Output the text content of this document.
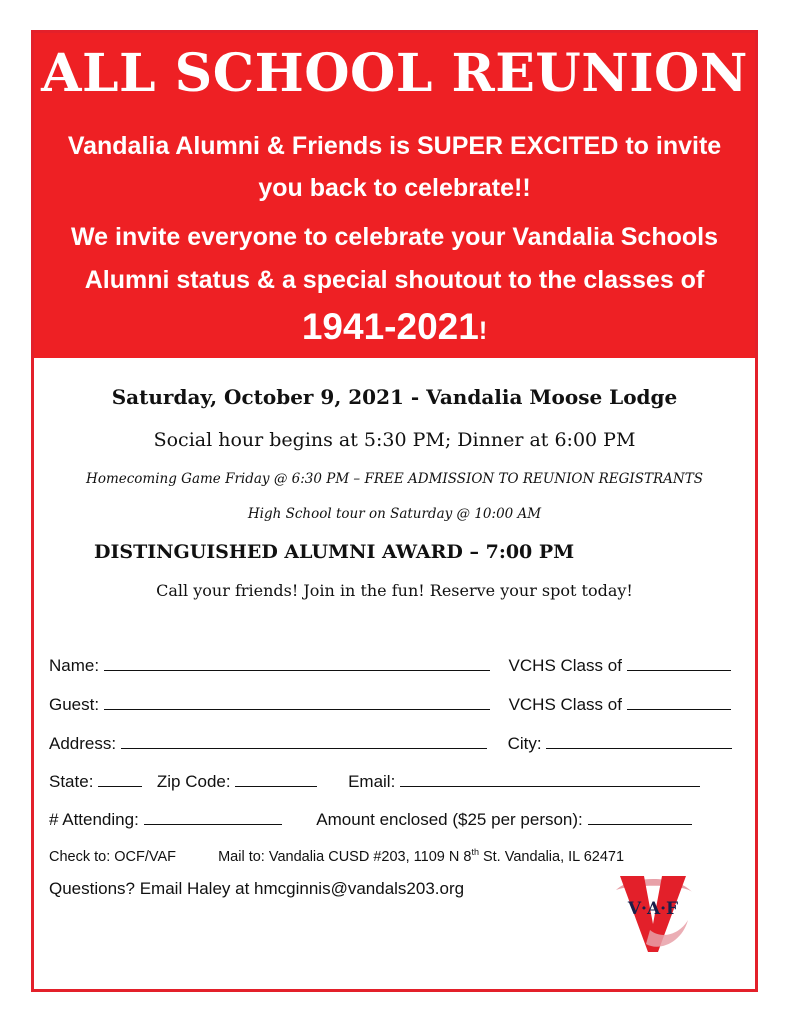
ALL SCHOOL REUNION
Vandalia Alumni & Friends is SUPER EXCITED to invite
you back to celebrate!!
We invite everyone to celebrate your Vandalia Schools
Alumni status & a special shoutout to the classes of
1941-2021!
Saturday, October 9, 2021 - Vandalia Moose Lodge
Social hour begins at 5:30 PM; Dinner at 6:00 PM
Homecoming Game Friday @ 6:30 PM – FREE ADMISSION TO REUNION REGISTRANTS
High School tour on Saturday @ 10:00 AM
DISTINGUISHED ALUMNI AWARD – 7:00 PM
Call your friends! Join in the fun! Reserve your spot today!
Name:	VCHS Class of
Guest:	VCHS Class of
Address:	City:
State:	Zip Code:	Email:
# Attending:	Amount enclosed ($25 per person):
Check to: OCF/VAF	Mail to: Vandalia CUSD #203, 1109 N 8th St. Vandalia, IL 62471
Questions? Email Haley at hmcginnis@vandals203.org
V·A·F
